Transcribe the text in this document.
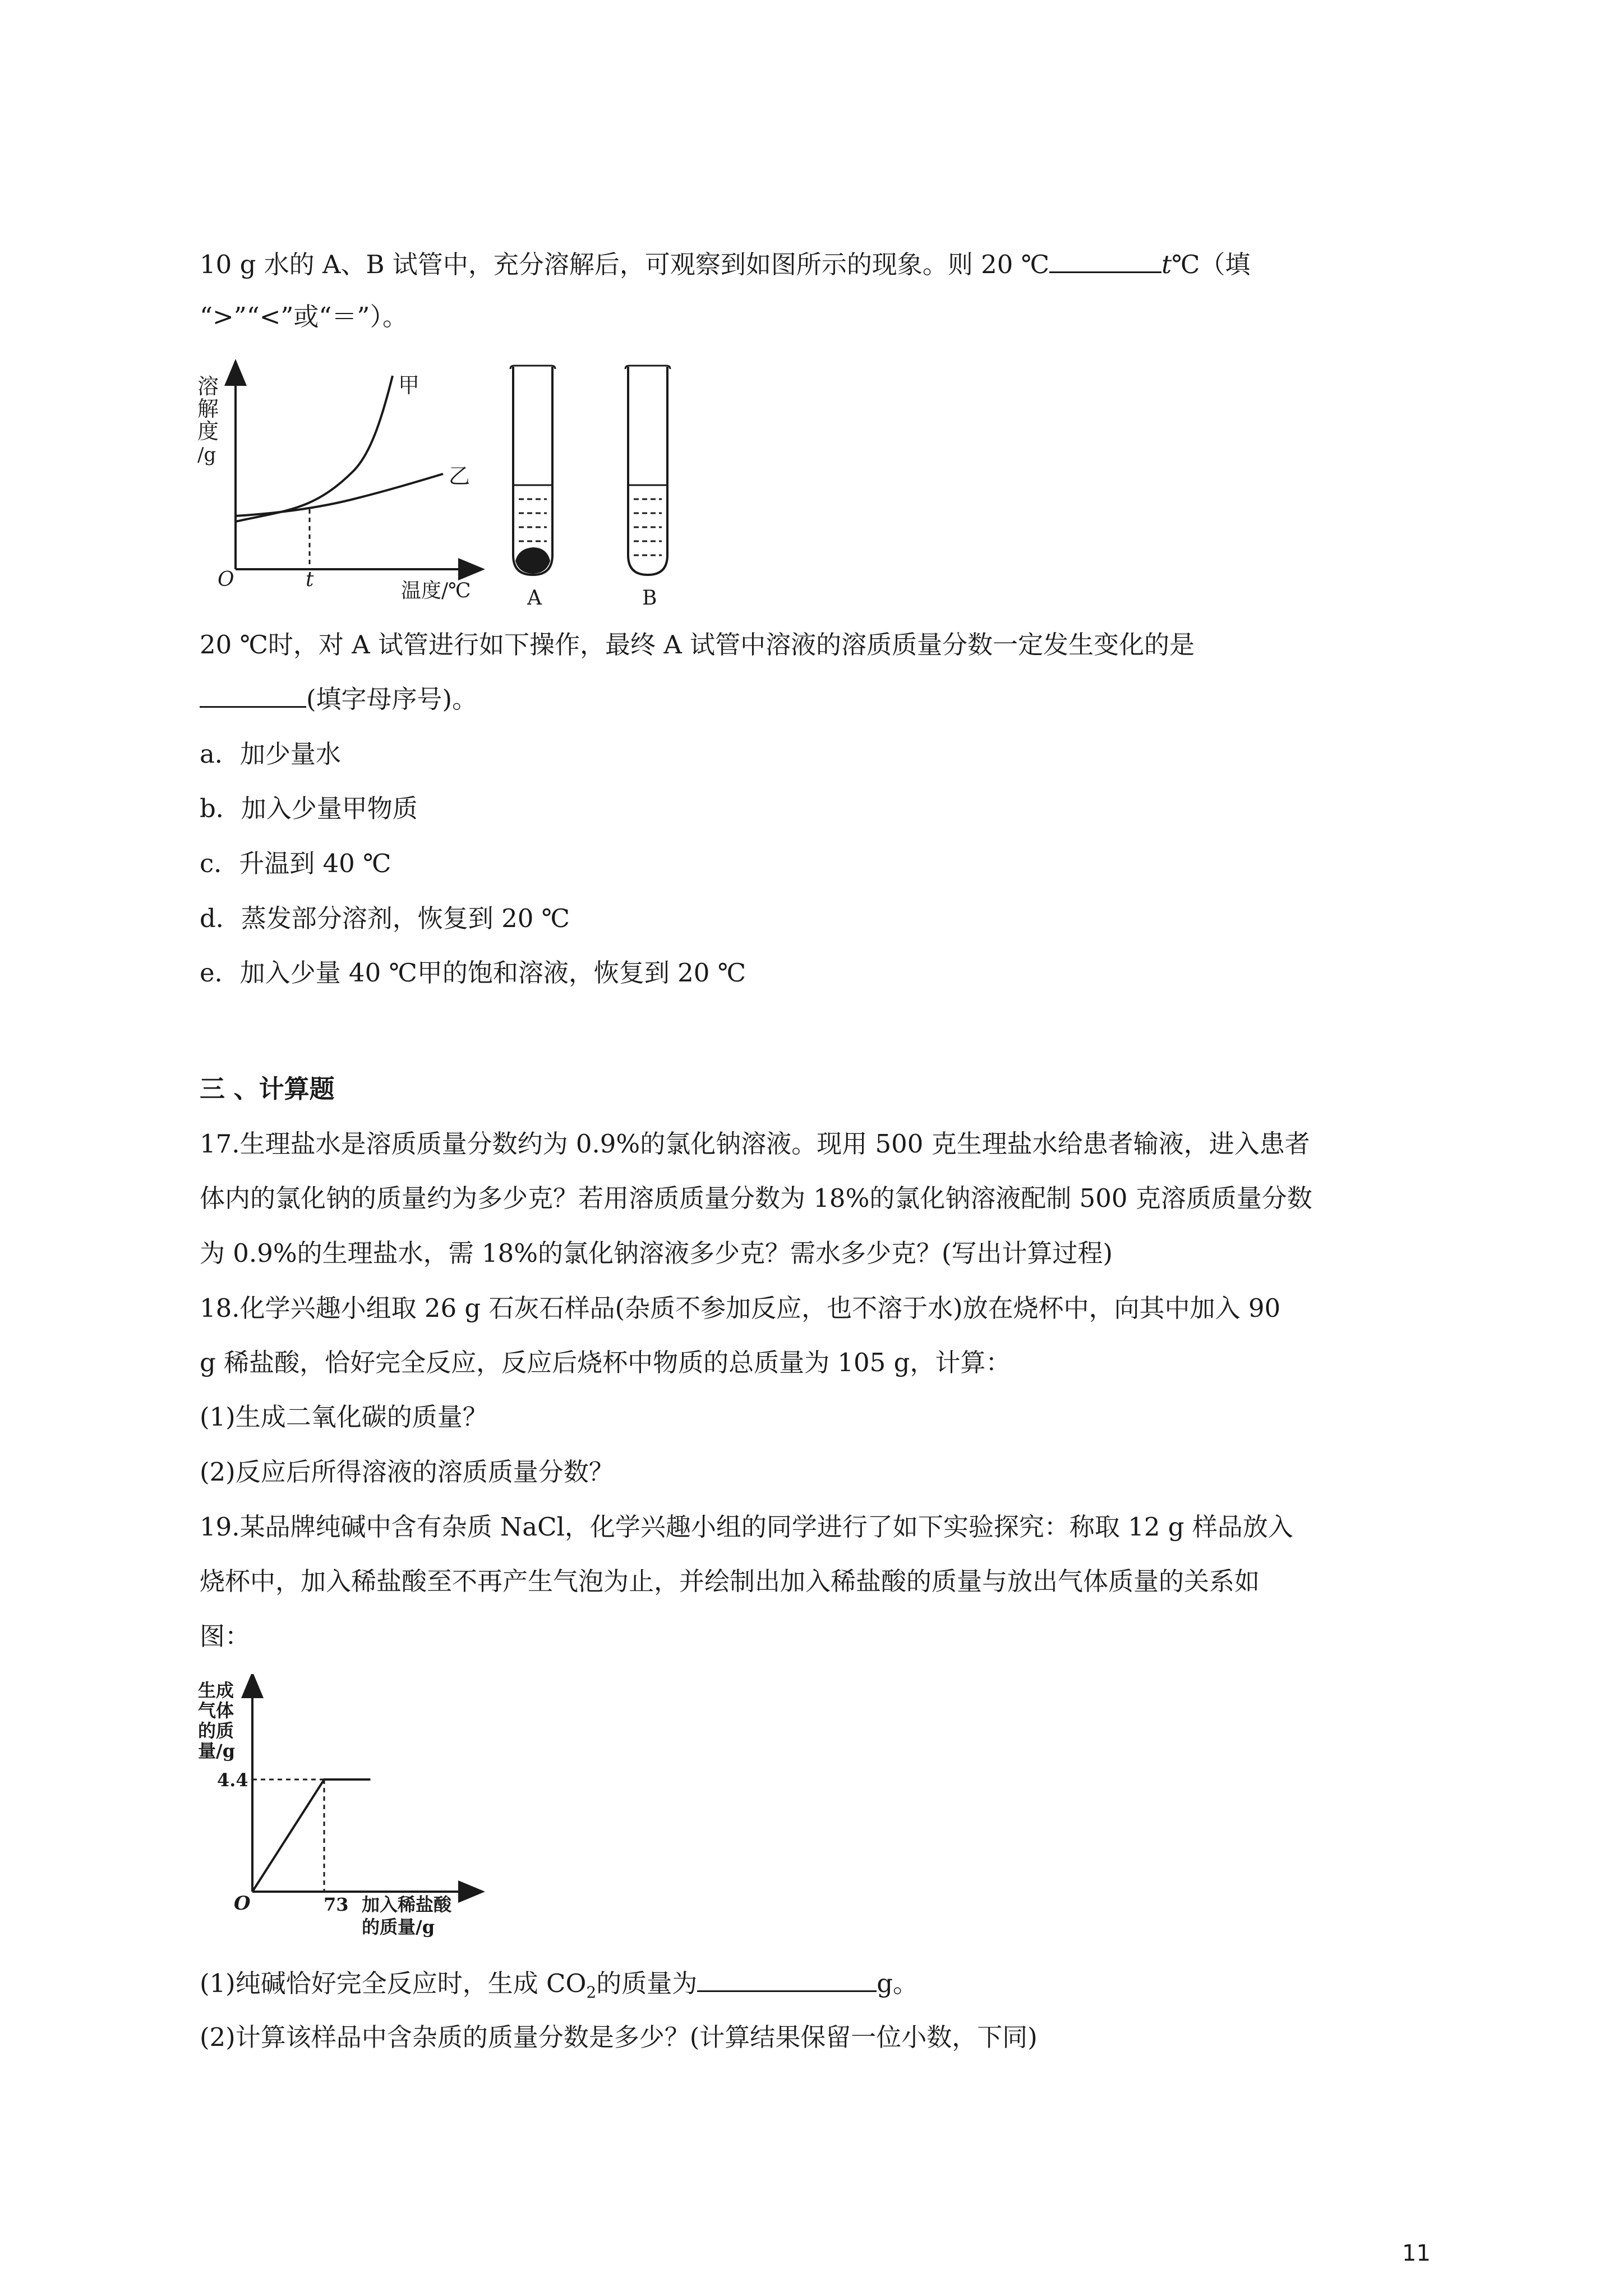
10 g 水的 A、B 试管中，充分溶解后，可观察到如图所示的现象。则 20 ℃	t℃（填
“>”“<”或“＝”）。
溶
解
度
/g
O	t	温度/℃
甲
乙
A	B
20 ℃时，对 A 试管进行如下操作，最终 A 试管中溶液的溶质质量分数一定发生变化的是
(填字母序号)。
a．加少量水
b．加入少量甲物质
c．升温到 40 ℃
d．蒸发部分溶剂，恢复到 20 ℃
e．加入少量 40 ℃甲的饱和溶液，恢复到 20 ℃
三 、计算题
17.生理盐水是溶质质量分数约为 0.9%的氯化钠溶液。现用 500 克生理盐水给患者输液，进入患者
体内的氯化钠的质量约为多少克？若用溶质质量分数为 18%的氯化钠溶液配制 500 克溶质质量分数
为 0.9%的生理盐水，需 18%的氯化钠溶液多少克？需水多少克？(写出计算过程)
18.化学兴趣小组取 26 g 石灰石样品(杂质不参加反应，也不溶于水)放在烧杯中，向其中加入 90
g 稀盐酸，恰好完全反应，反应后烧杯中物质的总质量为 105 g，计算：
(1)生成二氧化碳的质量？
(2)反应后所得溶液的溶质质量分数？
19.某品牌纯碱中含有杂质 NaCl，化学兴趣小组的同学进行了如下实验探究：称取 12 g 样品放入
烧杯中，加入稀盐酸至不再产生气泡为止，并绘制出加入稀盐酸的质量与放出气体质量的关系如
图：
生成
气体
的质
量/g
4.4
O	73 加入稀盐酸
的质量/g
(1)纯碱恰好完全反应时，生成 $CO_2$的质量为	g。
(2)计算该样品中含杂质的质量分数是多少？(计算结果保留一位小数，下同)
11
